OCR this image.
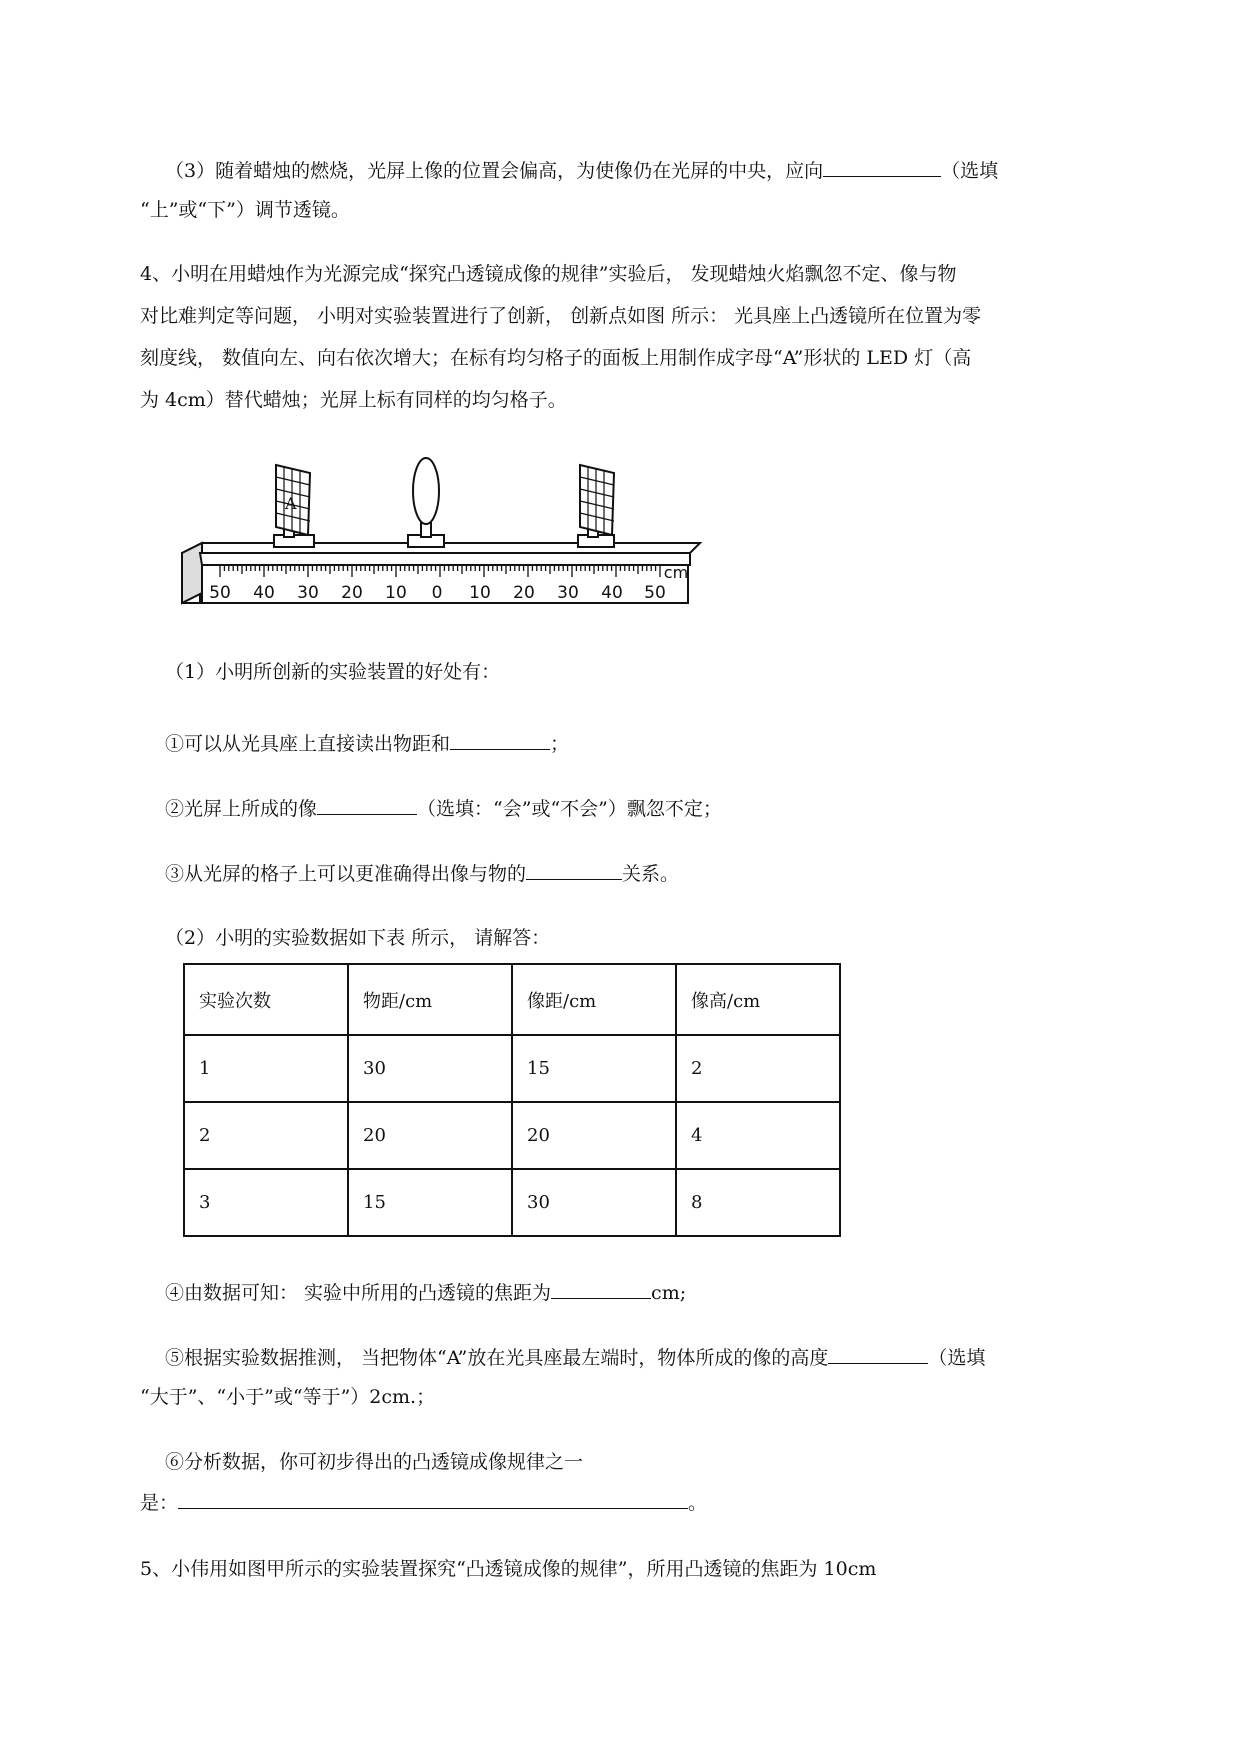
（3）随着蜡烛的燃烧，光屏上像的位置会偏高，为使像仍在光屏的中央，应向	（选填
“上”或“下”）调节透镜。
4、小明在用蜡烛作为光源完成“探究凸透镜成像的规律”实验后， 发现蜡烛火焰飘忽不定、像与物
对比难判定等问题， 小明对实验装置进行了创新， 创新点如图 所示： 光具座上凸透镜所在位置为零
刻度线， 数值向左、向右依次增大；在标有均匀格子的面板上用制作成字母“A”形状的 LED 灯（高
为 4cm）替代蜡烛；光屏上标有同样的均匀格子。
50 40 30 20 10 0 10 20 30 40 50
cm
A
（1）小明所创新的实验装置的好处有：
①可以从光具座上直接读出物距和	；
②光屏上所成的像	（选填：“会”或“不会”）飘忽不定；
③从光屏的格子上可以更准确得出像与物的	关系。
（2）小明的实验数据如下表 所示， 请解答：
实验次数	物距/cm	像距/cm	像高/cm
1	30	15	2
2	20	20	4
3	15	30	8
④由数据可知： 实验中所用的凸透镜的焦距为	cm;
⑤根据实验数据推测， 当把物体“A”放在光具座最左端时，物体所成的像的高度	（选填
“大于”、“小于”或“等于”）2cm.；
⑥分析数据，你可初步得出的凸透镜成像规律之一
是：	。
5、小伟用如图甲所示的实验装置探究“凸透镜成像的规律”，所用凸透镜的焦距为 10cm
